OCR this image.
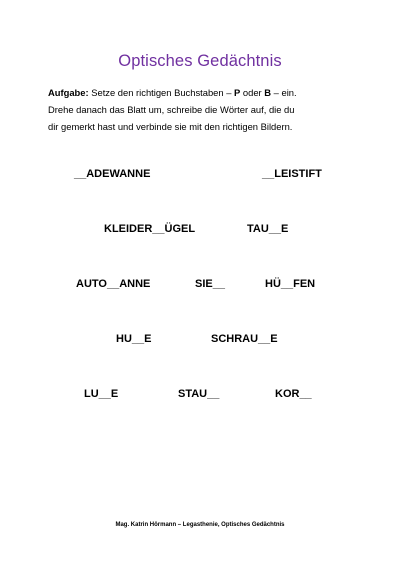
Optisches Gedächtnis
Aufgabe: Setze den richtigen Buchstaben – P oder B – ein.
Drehe danach das Blatt um, schreibe die Wörter auf, die du
dir gemerkt hast und verbinde sie mit den richtigen Bildern.
__ADEWANNE	__LEISTIFT
KLEIDER__ÜGEL	TAU__E
AUTO__ANNE	SIE__	HÜ__FEN
HU__E	SCHRAU__E
LU__E	STAU__	KOR__
Mag. Katrin Hörmann – Legasthenie, Optisches Gedächtnis
